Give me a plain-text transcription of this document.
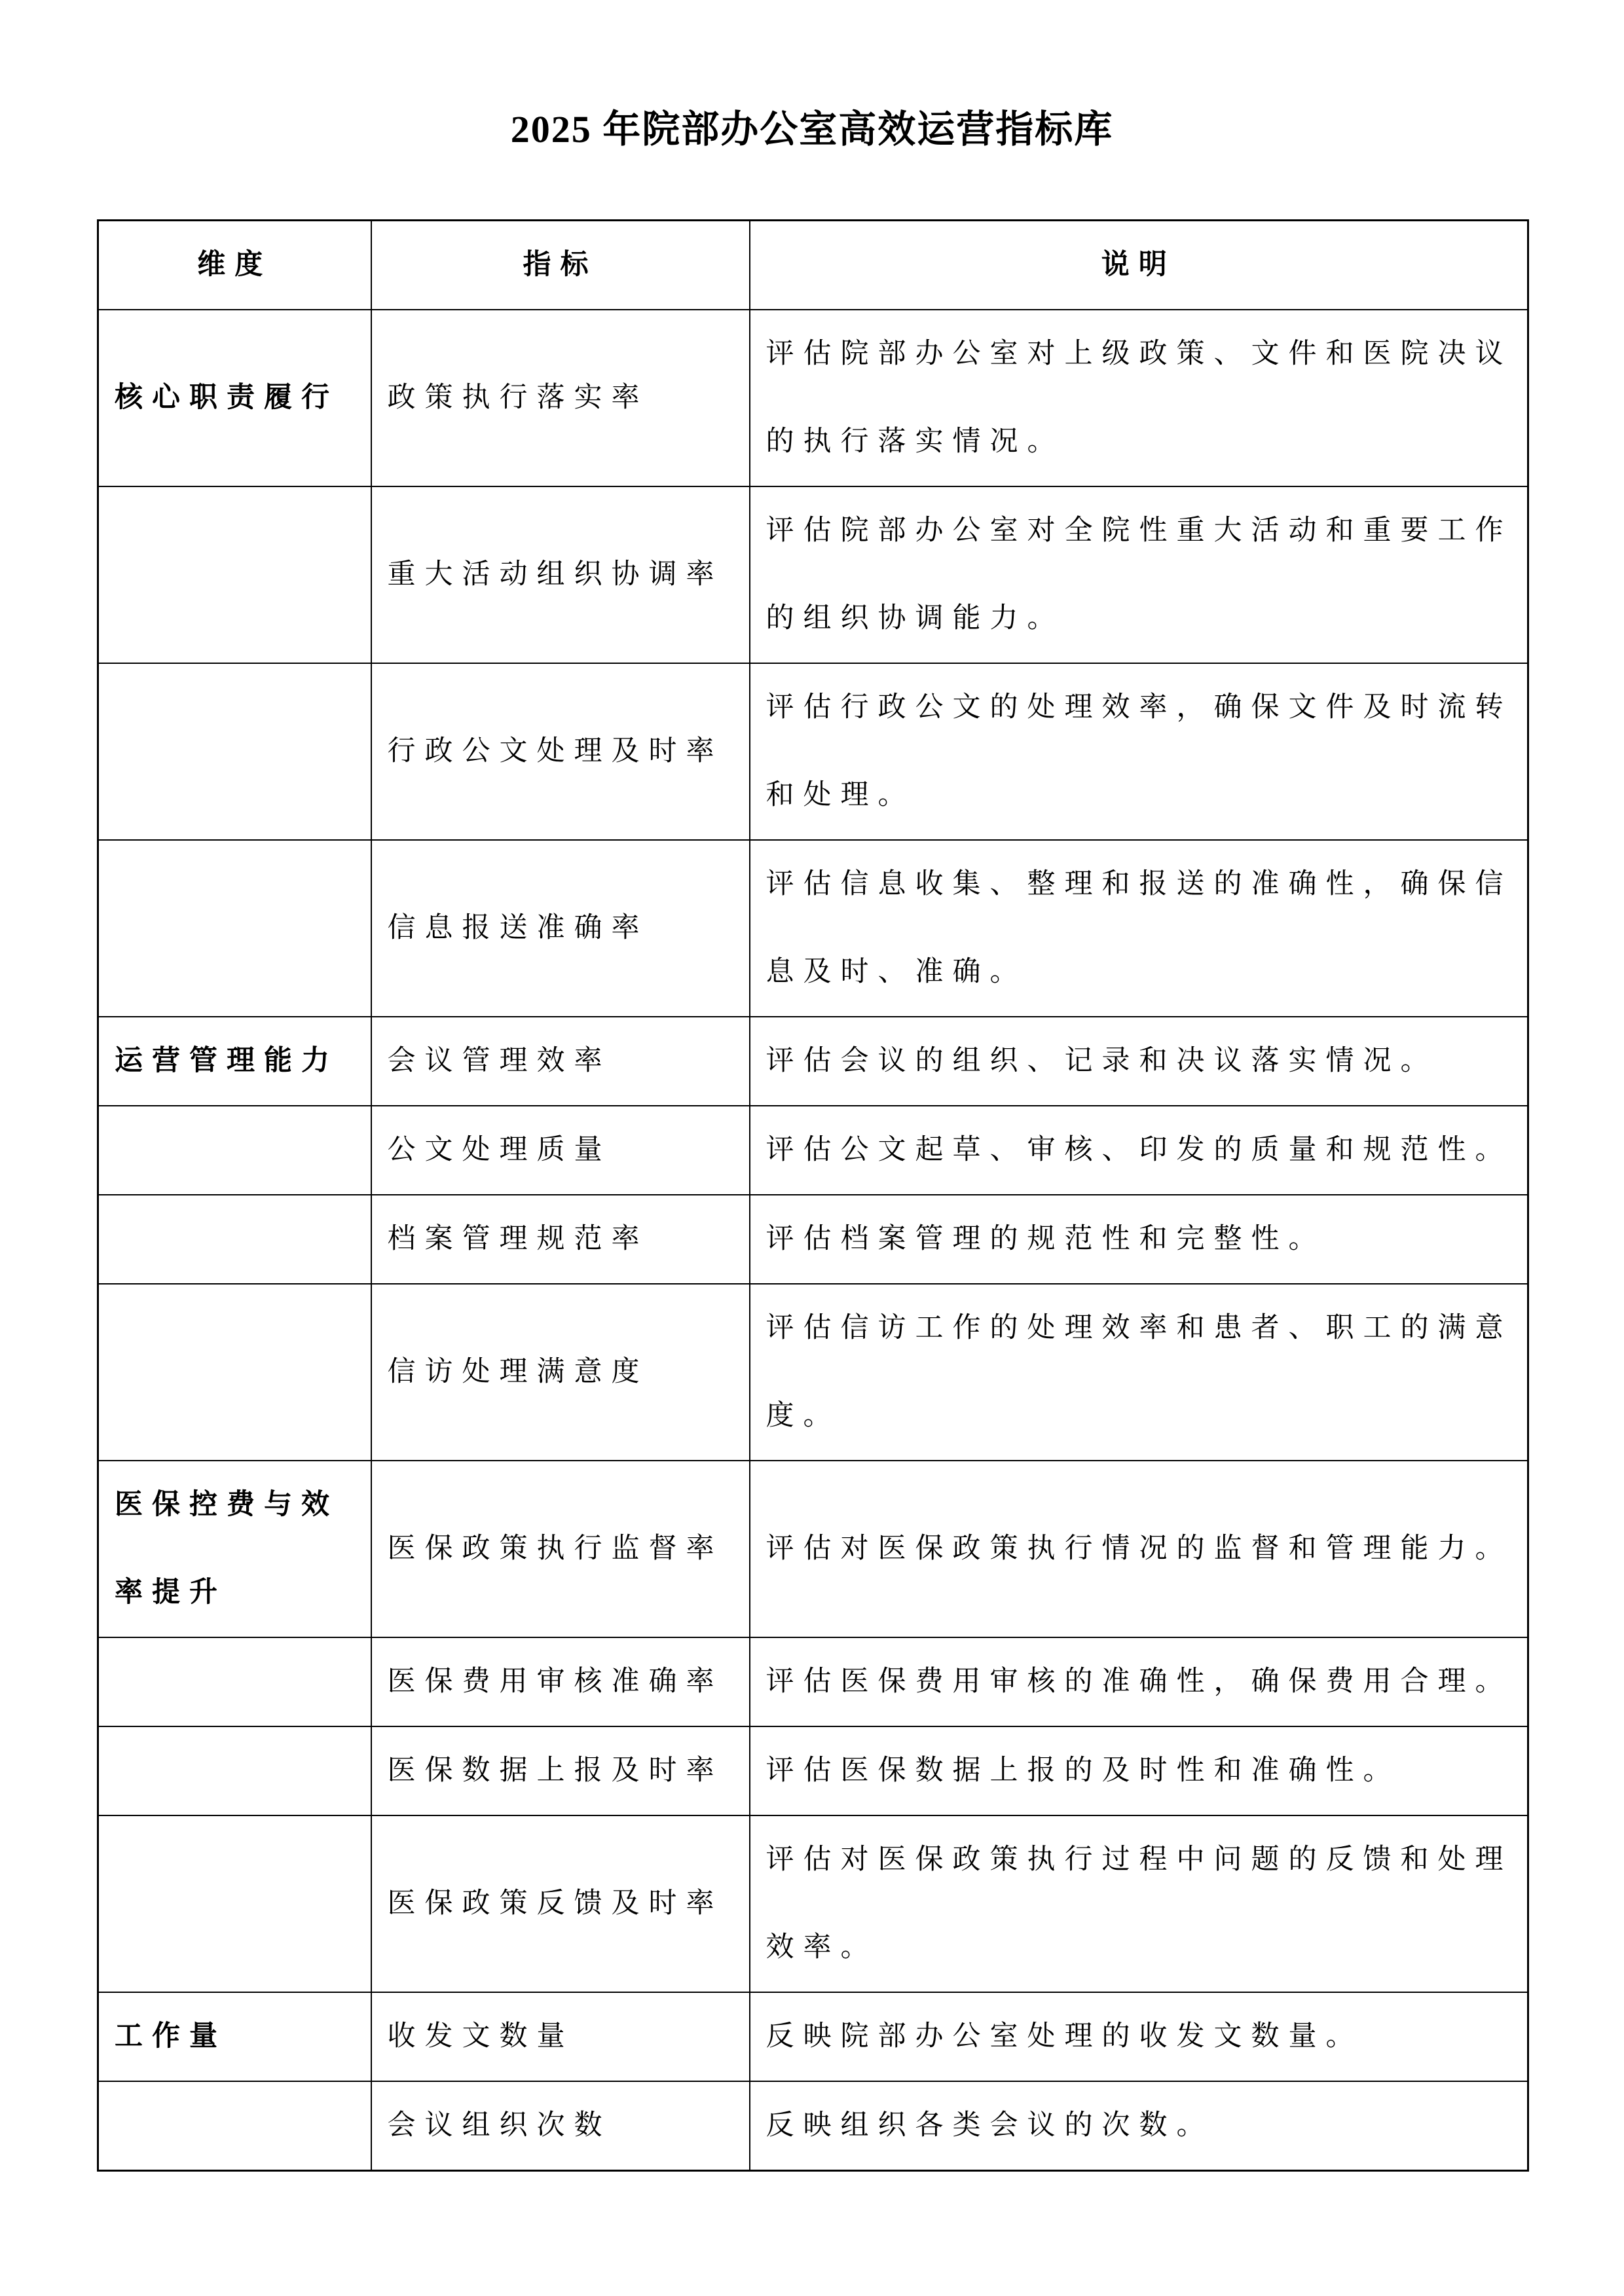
2025 年院部办公室高效运营指标库
维度	指标	说明
核心职责履行	政策执行落实率	评估院部办公室对上级政策、文件和医院决议的执行落实情况。
	重大活动组织协调率	评估院部办公室对全院性重大活动和重要工作的组织协调能力。
	行政公文处理及时率	评估行政公文的处理效率，确保文件及时流转和处理。
	信息报送准确率	评估信息收集、整理和报送的准确性，确保信息及时、准确。
运营管理能力	会议管理效率	评估会议的组织、记录和决议落实情况。
	公文处理质量	评估公文起草、审核、印发的质量和规范性。
	档案管理规范率	评估档案管理的规范性和完整性。
	信访处理满意度	评估信访工作的处理效率和患者、职工的满意度。
医保控费与效率提升	医保政策执行监督率	评估对医保政策执行情况的监督和管理能力。
	医保费用审核准确率	评估医保费用审核的准确性，确保费用合理。
	医保数据上报及时率	评估医保数据上报的及时性和准确性。
	医保政策反馈及时率	评估对医保政策执行过程中问题的反馈和处理效率。
工作量	收发文数量	反映院部办公室处理的收发文数量。
	会议组织次数	反映组织各类会议的次数。
